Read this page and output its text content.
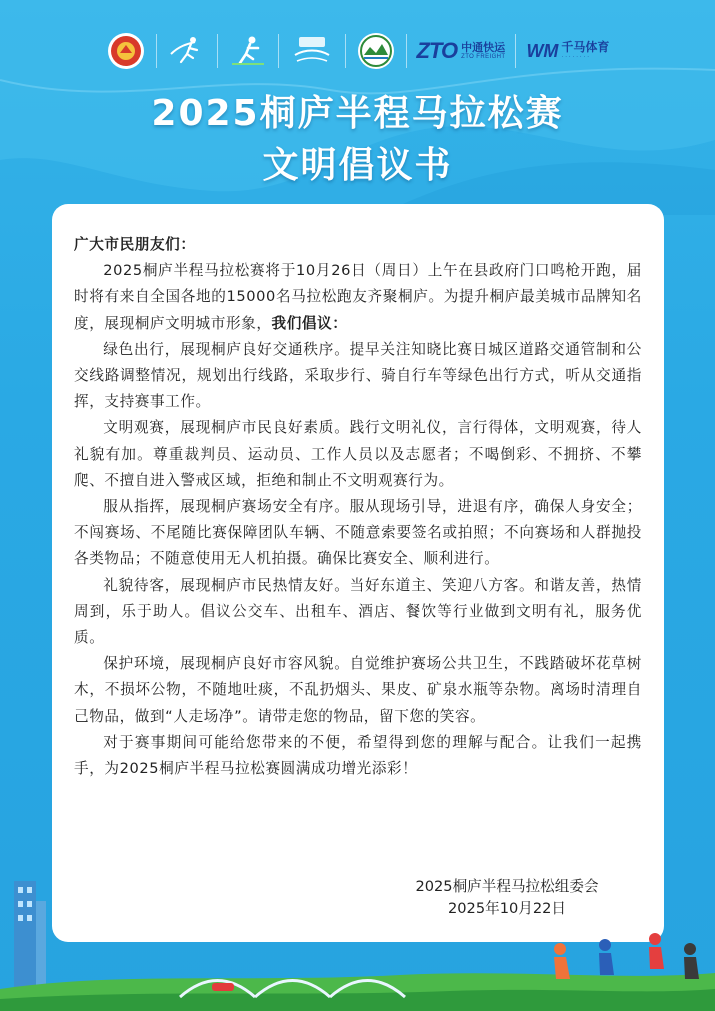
ZTO 中通快运
ZTO FREIGHT WM 千马体育
· · · · · · · ·
2025桐庐半程马拉松赛
文明倡议书

广大市民朋友们：

2025桐庐半程马拉松赛将于10月26日（周日）上午在县政府门口鸣枪开跑，届时将有来自全国各地的15000名马拉松跑友齐聚桐庐。为提升桐庐最美城市品牌知名度，展现桐庐文明城市形象，我们倡议：

绿色出行，展现桐庐良好交通秩序。提早关注知晓比赛日城区道路交通管制和公交线路调整情况，规划出行线路，采取步行、骑自行车等绿色出行方式，听从交通指挥，支持赛事工作。

文明观赛，展现桐庐市民良好素质。践行文明礼仪，言行得体，文明观赛，待人礼貌有加。尊重裁判员、运动员、工作人员以及志愿者；不喝倒彩、不拥挤、不攀爬、不擅自进入警戒区域，拒绝和制止不文明观赛行为。

服从指挥，展现桐庐赛场安全有序。服从现场引导，进退有序，确保人身安全；不闯赛场、不尾随比赛保障团队车辆、不随意索要签名或拍照；不向赛场和人群抛投各类物品；不随意使用无人机拍摄。确保比赛安全、顺利进行。

礼貌待客，展现桐庐市民热情友好。当好东道主、笑迎八方客。和谐友善，热情周到，乐于助人。倡议公交车、出租车、酒店、餐饮等行业做到文明有礼，服务优质。

保护环境，展现桐庐良好市容风貌。自觉维护赛场公共卫生，不践踏破坏花草树木，不损坏公物，不随地吐痰，不乱扔烟头、果皮、矿泉水瓶等杂物。离场时清理自己物品，做到“人走场净”。请带走您的物品，留下您的笑容。

对于赛事期间可能给您带来的不便，希望得到您的理解与配合。让我们一起携手，为2025桐庐半程马拉松赛圆满成功增光添彩！

2025桐庐半程马拉松组委会
2025年10月22日
